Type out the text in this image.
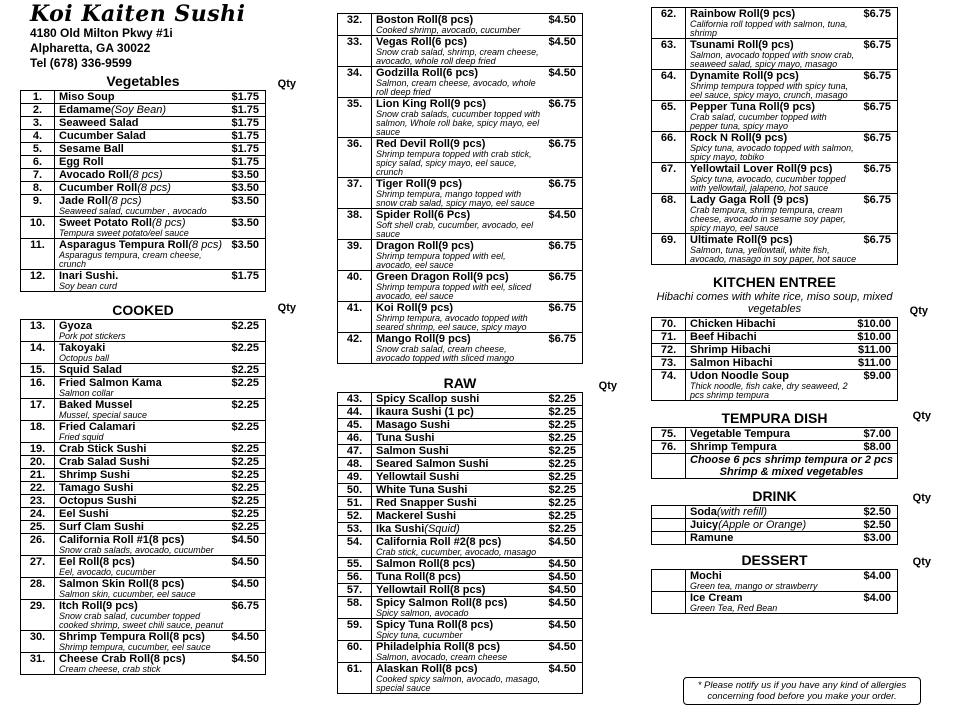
Koi Kaiten Sushi
4180 Old Milton Pkwy #1i
Alpharetta, GA 30022
Tel (678) 336-9599
Vegetables	Qty
1.	Miso Soup $1.75

2.	Edamame(Soy Bean) $1.75

3.	Seaweed Salad $1.75

4.	Cucumber Salad $1.75

5.	Sesame Ball $1.75

6.	Egg Roll $1.75

7.	Avocado Roll(8 pcs) $3.50

8.	Cucumber Roll(8 pcs) $3.50

9.	Jade Roll(8 pcs) $3.50
Seaweed salad, cucumber , avocado

10.	Sweet Potato Roll(8 pcs) $3.50
Tempura sweet potato/eel sauce

11.	Asparagus Tempura Roll(8 pcs) $3.50
Asparagus tempura, cream cheese, crunch

12.	Inari Sushi. $1.75
Soy bean curd
COOKED	Qty
13.	Gyoza $2.25
Pork pot stickers

14.	Takoyaki $2.25
Octopus ball

15.	Squid Salad $2.25

16.	Fried Salmon Kama $2.25
Salmon collar

17.	Baked Mussel $2.25
Mussel, special sauce

18.	Fried Calamari $2.25
Fried squid

19.	Crab Stick Sushi $2.25

20.	Crab Salad Sushi $2.25

21.	Shrimp Sushi $2.25

22.	Tamago Sushi $2.25

23.	Octopus Sushi $2.25

24.	Eel Sushi $2.25

25.	Surf Clam Sushi $2.25

26.	California Roll #1(8 pcs) $4.50
Snow crab salads, avocado, cucumber

27.	Eel Roll(8 pcs) $4.50
Eel, avocado, cucumber

28.	Salmon Skin Roll(8 pcs) $4.50
Salmon skin, cucumber, eel sauce

29.	Itch Roll(9 pcs) $6.75
Snow crab salad, cucumber topped cooked shrimp, sweet chili sauce, peanut

30.	Shrimp Tempura Roll(8 pcs) $4.50
Shrimp tempura, cucumber, eel sauce

31.	Cheese Crab Roll(8 pcs) $4.50
Cream cheese, crab stick
32.	Boston Roll(8 pcs) $4.50
Cooked shrimp, avocado, cucumber

33.	Vegas Roll(6 pcs) $4.50
Snow crab salad, shrimp, cream cheese, avocado, whole roll deep fried

34.	Godzilla Roll(6 pcs) $4.50
Salmon, cream cheese, avocado, whole roll deep fried

35.	Lion King Roll(9 pcs) $6.75
Snow crab salads, cucumber topped with salmon, Whole roll bake, spicy mayo, eel sauce

36.	Red Devil Roll(9 pcs) $6.75
Shrimp tempura topped with crab stick, spicy salad, spicy mayo, eel sauce, crunch

37.	Tiger Roll(9 pcs) $6.75
Shrimp tempura, mango topped with snow crab salad, spicy mayo, eel sauce

38.	Spider Roll(6 Pcs) $4.50
Soft shell crab, cucumber, avocado, eel sauce

39.	Dragon Roll(9 pcs) $6.75
Shrimp tempura topped with eel, avocado, eel sauce

40.	Green Dragon Roll(9 pcs) $6.75
Shrimp tempura topped with eel, sliced avocado, eel sauce

41.	Koi Roll(9 pcs) $6.75
Shrimp tempura, avocado topped with seared shrimp, eel sauce, spicy mayo

42.	Mango Roll(9 pcs) $6.75
Snow crab salad, cream cheese, avocado topped with sliced mango
RAW	Qty
43.	Spicy Scallop sushi $2.25

44.	Ikaura Sushi (1 pc) $2.25

45.	Masago Sushi $2.25

46.	Tuna Sushi $2.25

47.	Salmon Sushi $2.25

48.	Seared Salmon Sushi $2.25

49.	Yellowtail Sushi $2.25

50.	White Tuna Sushi $2.25

51.	Red Snapper Sushi $2.25

52.	Mackerel Sushi $2.25

53.	Ika Sushi(Squid) $2.25

54.	California Roll #2(8 pcs) $4.50
Crab stick, cucumber, avocado, masago

55.	Salmon Roll(8 pcs) $4.50

56.	Tuna Roll(8 pcs) $4.50

57.	Yellowtail Roll(8 pcs) $4.50

58.	Spicy Salmon Roll(8 pcs) $4.50
Spicy salmon, avocado

59.	Spicy Tuna Roll(8 pcs) $4.50
Spicy tuna, cucumber

60.	Philadelphia Roll(8 pcs) $4.50
Salmon, avocado, cream cheese

61.	Alaskan Roll(8 pcs) $4.50
Cooked spicy salmon, avocado, masago, special sauce
62.	Rainbow Roll(9 pcs) $6.75
California roll topped with salmon, tuna, shrimp

63.	Tsunami Roll(9 pcs) $6.75
Salmon, avocado topped with snow crab, seaweed salad, spicy mayo, masago

64.	Dynamite Roll(9 pcs) $6.75
Shrimp tempura topped with spicy tuna, eel sauce, spicy mayo, crunch, masago

65.	Pepper Tuna Roll(9 pcs) $6.75
Crab salad, cucumber topped with pepper tuna, spicy mayo

66.	Rock N Roll(9 pcs) $6.75
Spicy tuna, avocado topped with salmon, spicy mayo, tobiko

67.	Yellowtail Lover Roll(9 pcs) $6.75
Spicy tuna, avocado, cucumber topped with yellowtail, jalapeno, hot sauce

68.	Lady Gaga Roll (9 pcs) $6.75
Crab tempura, shrimp tempura, cream cheese, avocado in sesame soy paper, spicy mayo, eel sauce

69.	Ultimate Roll(9 pcs) $6.75
Salmon, tuna, yellowtail, white fish, avocado, masago in soy paper, hot sauce
KITCHEN ENTREE
Hibachi comes with white rice, miso soup, mixed vegetables	Qty
70.	Chicken Hibachi $10.00

71.	Beef Hibachi $10.00

72.	Shrimp Hibachi $11.00

73.	Salmon Hibachi $11.00

74.	Udon Noodle Soup $9.00
Thick noodle, fish cake, dry seaweed, 2 pcs shrimp tempura
TEMPURA DISH	Qty
75.	Vegetable Tempura $7.00

76.	Shrimp Tempura $8.00

	Choose 6 pcs shrimp tempura or 2 pcs Shrimp & mixed vegetables
DRINK	Qty

	Soda(with refill) $2.50

	Juicy(Apple or Orange) $2.50

	Ramune $3.00
DESSERT	Qty

	Mochi $4.00
Green tea, mango or strawberry

	Ice Cream $4.00
Green Tea, Red Bean
* Please notify us if you have any kind of allergies concerning food before you make your order.
